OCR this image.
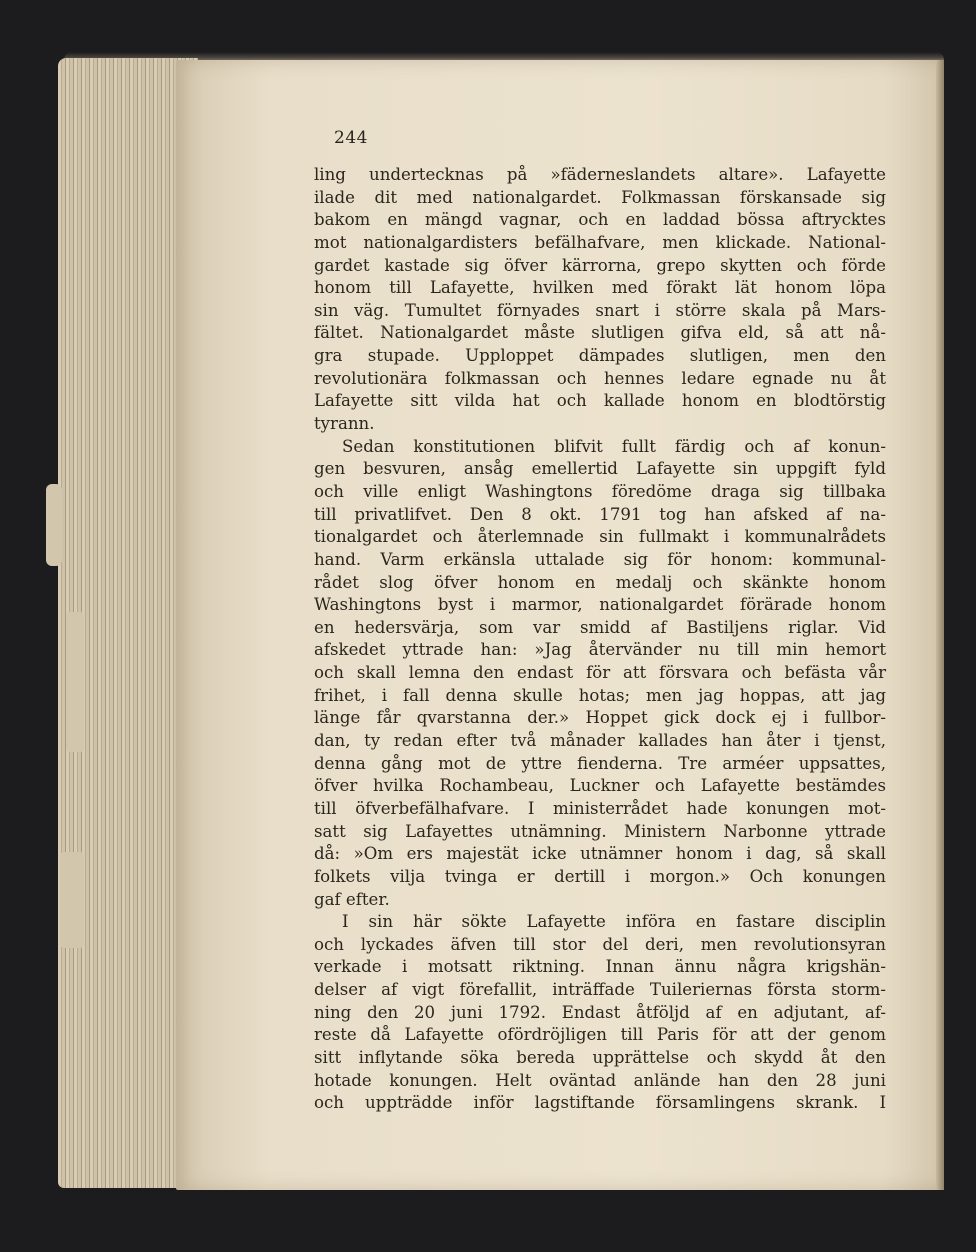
244
ling undertecknas på »fäderneslandets altare». Lafayette
ilade dit med nationalgardet. Folkmassan förskansade sig
bakom en mängd vagnar, och en laddad bössa aftrycktes
mot nationalgardisters befälhafvare, men klickade. National-
gardet kastade sig öfver kärrorna, grepo skytten och förde
honom till Lafayette, hvilken med förakt lät honom löpa
sin väg. Tumultet förnyades snart i större skala på Mars-
fältet. Nationalgardet måste slutligen gifva eld, så att nå-
gra stupade. Upploppet dämpades slutligen, men den
revolutionära folkmassan och hennes ledare egnade nu åt
Lafayette sitt vilda hat och kallade honom en blodtörstig
tyrann.
Sedan konstitutionen blifvit fullt färdig och af konun-
gen besvuren, ansåg emellertid Lafayette sin uppgift fyld
och ville enligt Washingtons föredöme draga sig tillbaka
till privatlifvet. Den 8 okt. 1791 tog han afsked af na-
tionalgardet och återlemnade sin fullmakt i kommunalrådets
hand. Varm erkänsla uttalade sig för honom: kommunal-
rådet slog öfver honom en medalj och skänkte honom
Washingtons byst i marmor, nationalgardet förärade honom
en hedersvärja, som var smidd af Bastiljens riglar. Vid
afskedet yttrade han: »Jag återvänder nu till min hemort
och skall lemna den endast för att försvara och befästa vår
frihet, i fall denna skulle hotas; men jag hoppas, att jag
länge får qvarstanna der.» Hoppet gick dock ej i fullbor-
dan, ty redan efter två månader kallades han åter i tjenst,
denna gång mot de yttre fienderna. Tre arméer uppsattes,
öfver hvilka Rochambeau, Luckner och Lafayette bestämdes
till öfverbefälhafvare. I ministerrådet hade konungen mot-
satt sig Lafayettes utnämning. Ministern Narbonne yttrade
då: »Om ers majestät icke utnämner honom i dag, så skall
folkets vilja tvinga er dertill i morgon.» Och konungen
gaf efter.
I sin här sökte Lafayette införa en fastare disciplin
och lyckades äfven till stor del deri, men revolutionsyran
verkade i motsatt riktning. Innan ännu några krigshän-
delser af vigt förefallit, inträffade Tuileriernas första storm-
ning den 20 juni 1792. Endast åtföljd af en adjutant, af-
reste då Lafayette ofördröjligen till Paris för att der genom
sitt inflytande söka bereda upprättelse och skydd åt den
hotade konungen. Helt oväntad anlände han den 28 juni
och uppträdde inför lagstiftande församlingens skrank. I
